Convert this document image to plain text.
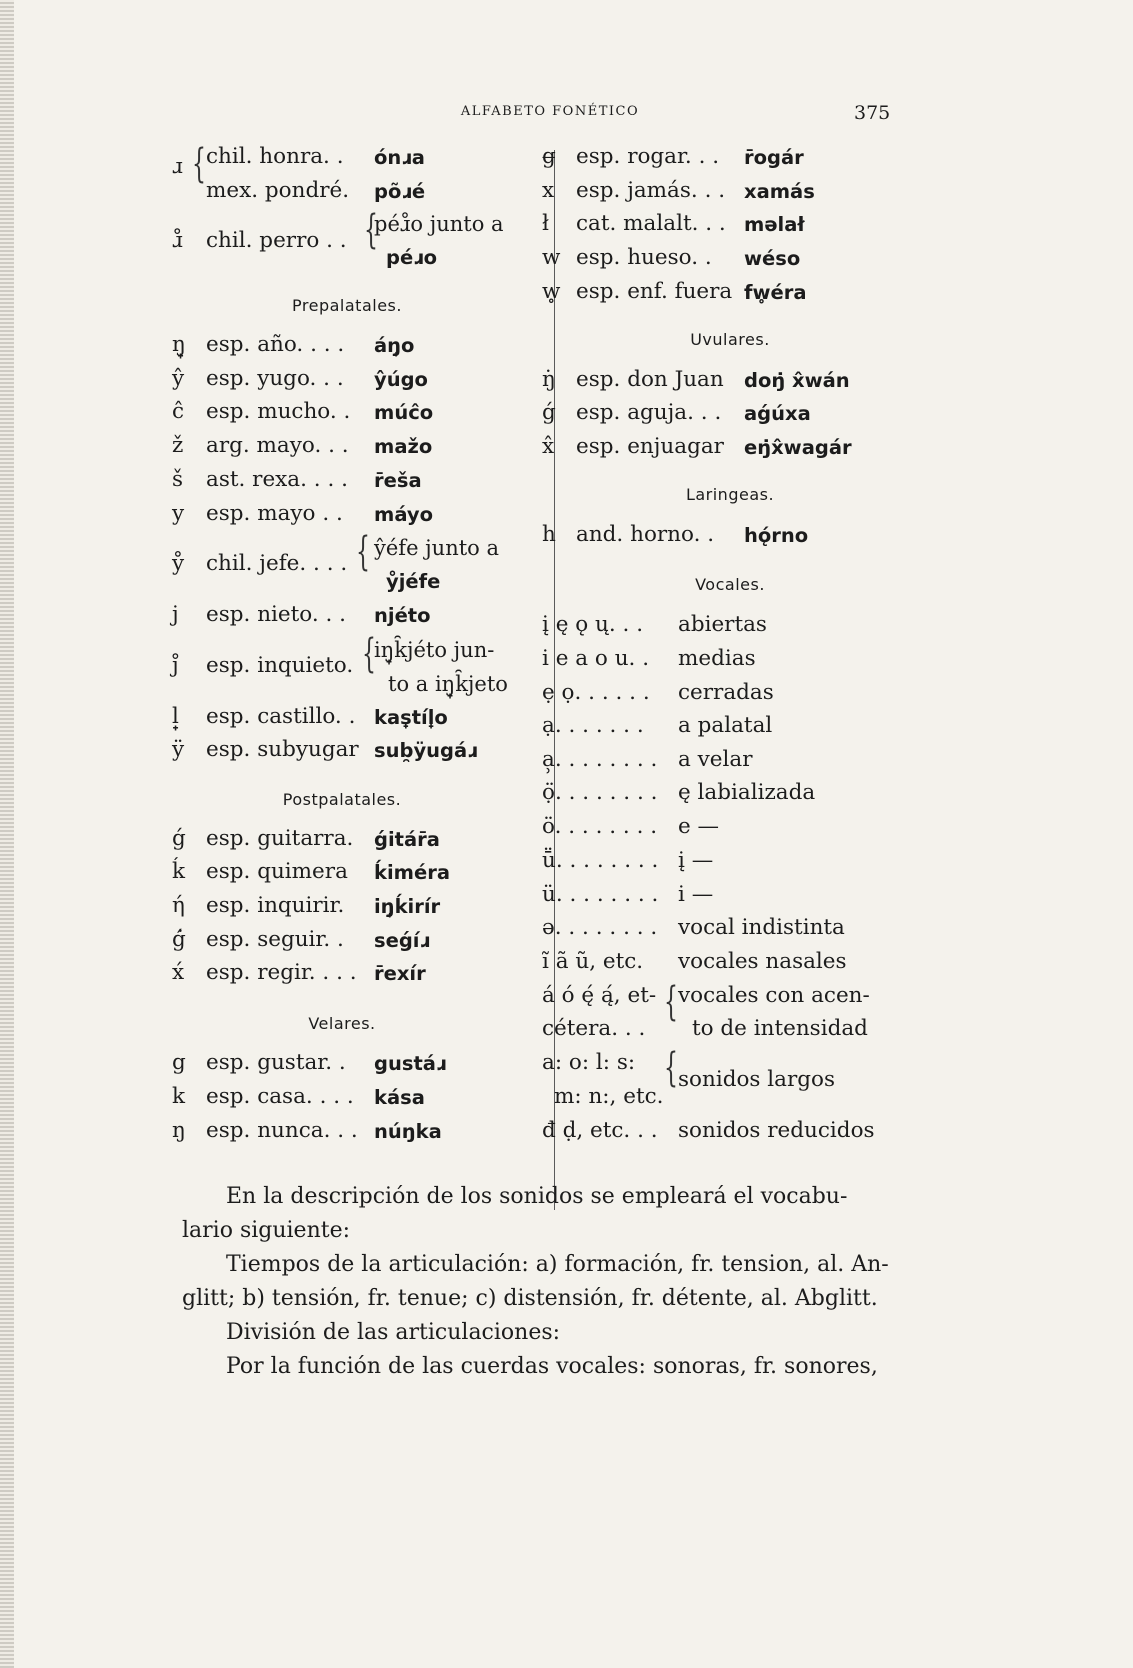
ALFABETO FONÉTICO	375
{
ɹ chil. honra. . ónɹa
mex. pondré. põɹé
ɹ̊ chil. perro . . {
péɹ̊o junto a
péɹo
Prepalatales.
ŋ̟ esp. año. . . . áŋ̟o
ŷ esp. yugo. . . ŷúgo
ĉ esp. mucho. . múĉo
ž arg. mayo. . . mažo
š ast. rexa. . . . r̄eša
y esp. mayo . . máyo
{
ẙ chil. jefe. . . .
ŷéfe junto a
ẙjéfe
j esp. nieto. . . njéto
{
j̊ esp. inquieto.
iŋ̟k̑jéto jun-
to a iŋ̟k̑jeto
l̟ esp. castillo. . kas̟tíl̟o
ÿ esp. subyugar sub̯ÿugáɹ
Postpalatales.
ǵ esp. guitarra. ǵitár̄a
ḱ esp. quimera ḱiméra
ή esp. inquirir. iŋ̟ḱirír
ǵ̇ esp. seguir. . seǵíɹ
x́ esp. regir. . . . r̄exír
Velares.
g esp. gustar. . gustáɹ
k esp. casa. . . . kása
ŋ esp. nunca. . . núŋka
g̶ esp. rogar. . . r̄ogár
x esp. jamás. . . xamás
ł cat. malalt. . . məlał
w esp. hueso. . wéso
w̥ esp. enf. fuera fw̥éra
Uvulares.
ŋ̇ esp. don Juan doŋ̇ x̂wán
ǵ esp. aguja. . . aǵúxa
x̂ esp. enjuagar eŋ̇x̂wagár
Laringeas.
h and. horno. . hǫ́rno
Vocales.
į ę ǫ ų. . . abiertas
i e a o u. . medias
ẹ ọ. . . . . . cerradas
ạ. . . . . . . a palatal
a̹. . . . . . . . a velar
ọ̈. . . . . . . . ę labializada
ö. . . . . . . . e —
ṻ. . . . . . . . į —
ü. . . . . . . . i —
ə. . . . . . . . vocal indistinta
ĩ ã ũ, etc. vocales nasales
{
á ó ę́ ą́, et- vocales con acen-
cétera. . . to de intensidad
{
a: o: l: s:
sonidos largos
m: n:, etc.
đ ḍ, etc. . . sonidos reducidos
En la descripción de los sonidos se empleará el vocabu-
lario siguiente:
Tiempos de la articulación: a) formación, fr. tension, al. An-
glitt; b) tensión, fr. tenue; c) distensión, fr. détente, al. Abglitt.
División de las articulaciones:
Por la función de las cuerdas vocales: sonoras, fr. sonores,
